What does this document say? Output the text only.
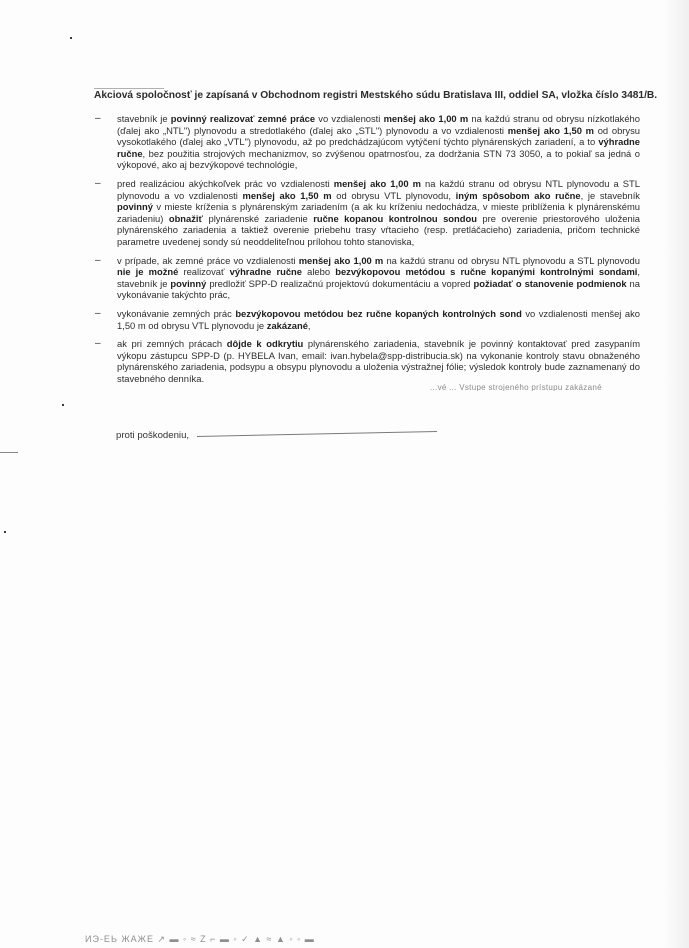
Akciová spoločnosť je zapísaná v Obchodnom registri Mestského súdu Bratislava III, oddiel SA, vložka číslo 3481/B.
– stavebník je povinný realizovať zemné práce vo vzdialenosti menšej ako 1,00 m na každú stranu od obrysu nízkotlakého (ďalej ako „NTL") plynovodu a stredotlakého (ďalej ako „STL") plynovodu a vo vzdialenosti menšej ako 1,50 m od obrysu vysokotlakého (ďalej ako „VTL") plynovodu, až po predchádzajúcom vytýčení týchto plynárenských zariadení, a to výhradne ručne, bez použitia strojových mechanizmov, so zvýšenou opatrnosťou, za dodržania STN 73 3050, a to pokiaľ sa jedná o výkopové, ako aj bezvýkopové technológie,
– pred realizáciou akýchkoľvek prác vo vzdialenosti menšej ako 1,00 m na každú stranu od obrysu NTL plynovodu a STL plynovodu a vo vzdialenosti menšej ako 1,50 m od obrysu VTL plynovodu, iným spôsobom ako ručne, je stavebník povinný v mieste kríženia s plynárenským zariadením (a ak ku kríženiu nedochádza, v mieste priblíženia k plynárenskému zariadeniu) obnažiť plynárenské zariadenie ručne kopanou kontrolnou sondou pre overenie priestorového uloženia plynárenského zariadenia a taktiež overenie priebehu trasy vŕtacieho (resp. pretláčacieho) zariadenia, pričom technické parametre uvedenej sondy sú neoddeliteľnou prílohou tohto stanoviska,
– v prípade, ak zemné práce vo vzdialenosti menšej ako 1,00 m na každú stranu od obrysu NTL plynovodu a STL plynovodu nie je možné realizovať výhradne ručne alebo bezvýkopovou metódou s ručne kopanými kontrolnými sondami, stavebník je povinný predložiť SPP-D realizačnú projektovú dokumentáciu a vopred požiadať o stanovenie podmienok na vykonávanie takýchto prác,
– vykonávanie zemných prác bezvýkopovou metódou bez ručne kopaných kontrolných sond vo vzdialenosti menšej ako 1,50 m od obrysu VTL plynovodu je zakázané,
– ak pri zemných prácach dôjde k odkrytiu plynárenského zariadenia, stavebník je povinný kontaktovať pred zasypaním výkopu zástupcu SPP-D (p. HYBELA Ivan, email: ivan.hybela@spp-distribucia.sk) na vykonanie kontroly stavu obnaženého plynárenského zariadenia, podsypu a obsypu plynovodu a uloženia výstražnej fólie; výsledok kontroly bude zaznamenaný do stavebného denníka.
...vé ... Vstupe strojeného prístupu zakázané
proti poškodeniu,
ИЭ-ЕЬ ЖАЖЕ ↗ ▬ ◦ ≈ Ζ ⌐ ▬ ◦ ✓ ▲ ≈ ▲ ◦ ◦ ▬
